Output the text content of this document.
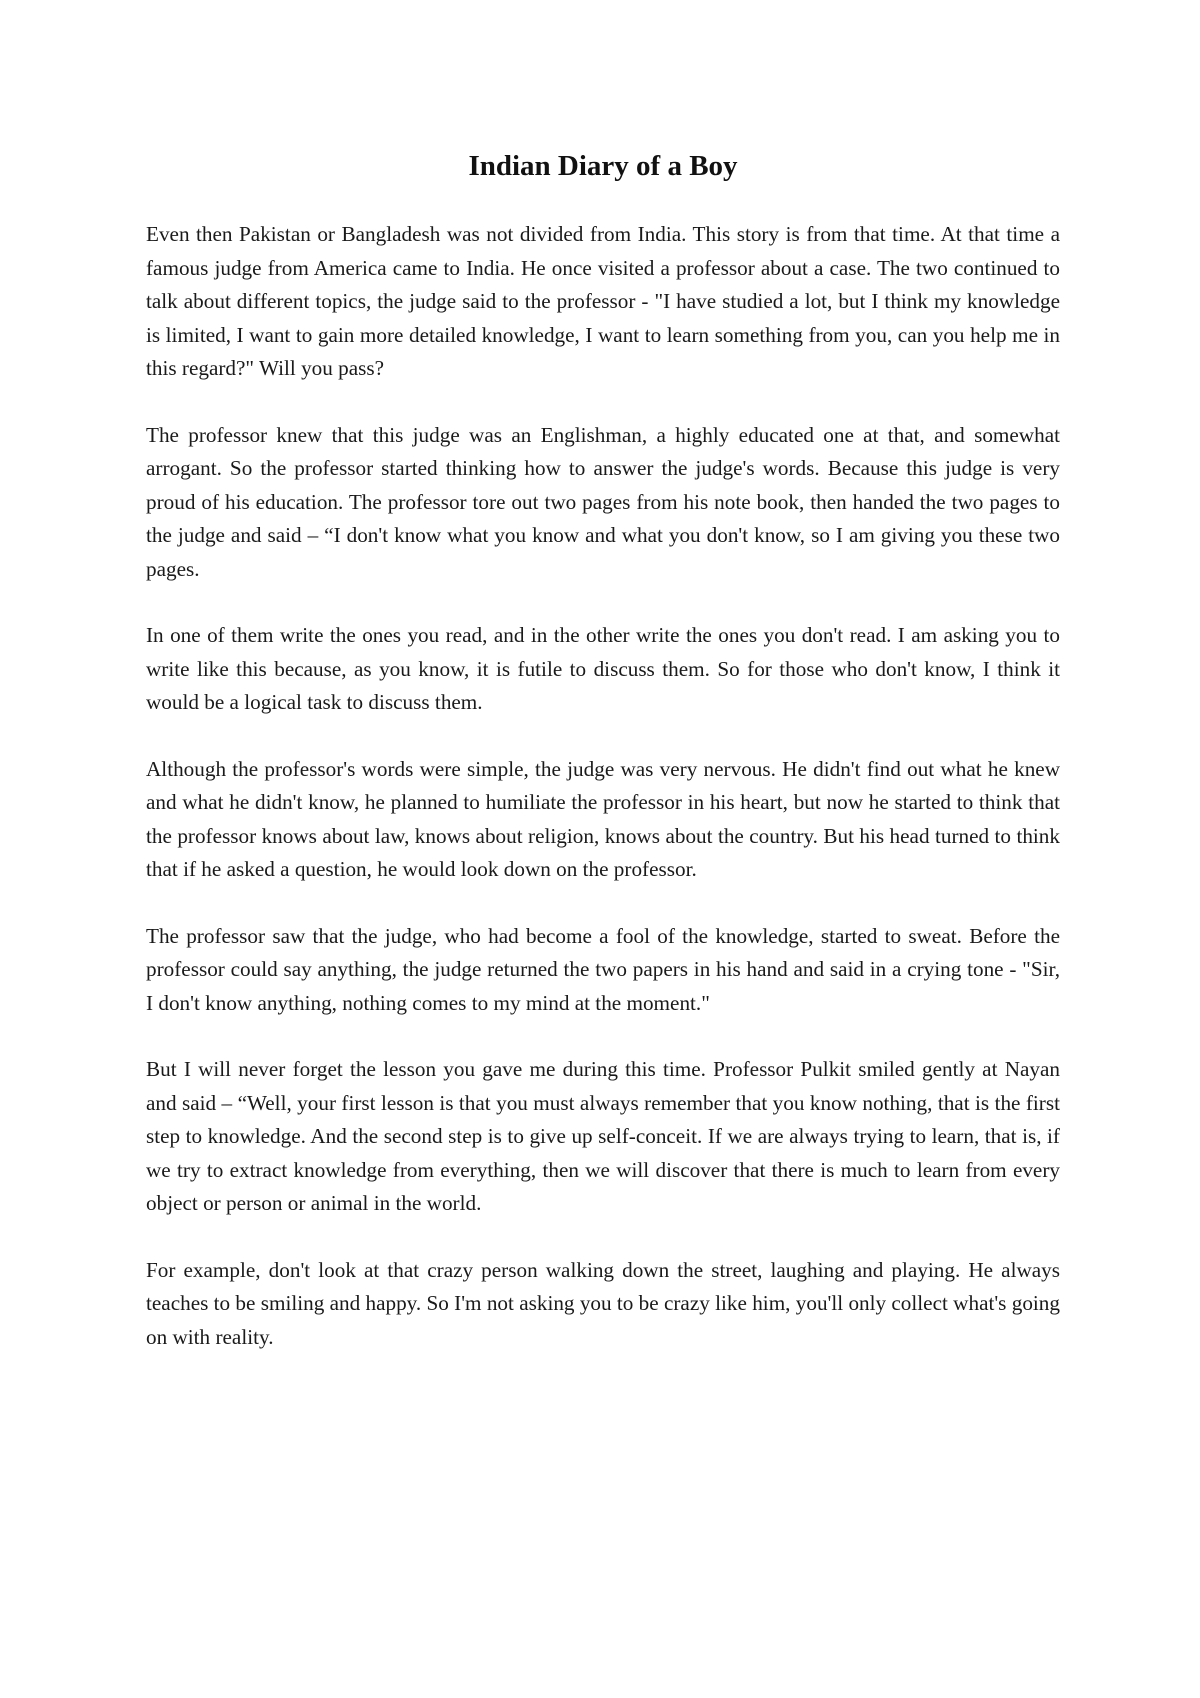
Indian Diary of a Boy

Even then Pakistan or Bangladesh was not divided from India. This story is from that time. At that time a famous judge from America came to India. He once visited a professor about a case. The two continued to talk about different topics, the judge said to the professor - "I have studied a lot, but I think my knowledge is limited, I want to gain more detailed knowledge, I want to learn something from you, can you help me in this regard?" Will you pass?

The professor knew that this judge was an Englishman, a highly educated one at that, and somewhat arrogant. So the professor started thinking how to answer the judge's words. Because this judge is very proud of his education. The professor tore out two pages from his note book, then handed the two pages to the judge and said – “I don't know what you know and what you don't know, so I am giving you these two pages.

In one of them write the ones you read, and in the other write the ones you don't read. I am asking you to write like this because, as you know, it is futile to discuss them. So for those who don't know, I think it would be a logical task to discuss them.

Although the professor's words were simple, the judge was very nervous. He didn't find out what he knew and what he didn't know, he planned to humiliate the professor in his heart, but now he started to think that the professor knows about law, knows about religion, knows about the country. But his head turned to think that if he asked a question, he would look down on the professor.

The professor saw that the judge, who had become a fool of the knowledge, started to sweat. Before the professor could say anything, the judge returned the two papers in his hand and said in a crying tone - "Sir, I don't know anything, nothing comes to my mind at the moment."

But I will never forget the lesson you gave me during this time. Professor Pulkit smiled gently at Nayan and said – “Well, your first lesson is that you must always remember that you know nothing, that is the first step to knowledge. And the second step is to give up self-conceit. If we are always trying to learn, that is, if we try to extract knowledge from everything, then we will discover that there is much to learn from every object or person or animal in the world.

For example, don't look at that crazy person walking down the street, laughing and playing. He always teaches to be smiling and happy. So I'm not asking you to be crazy like him, you'll only collect what's going on with reality.
